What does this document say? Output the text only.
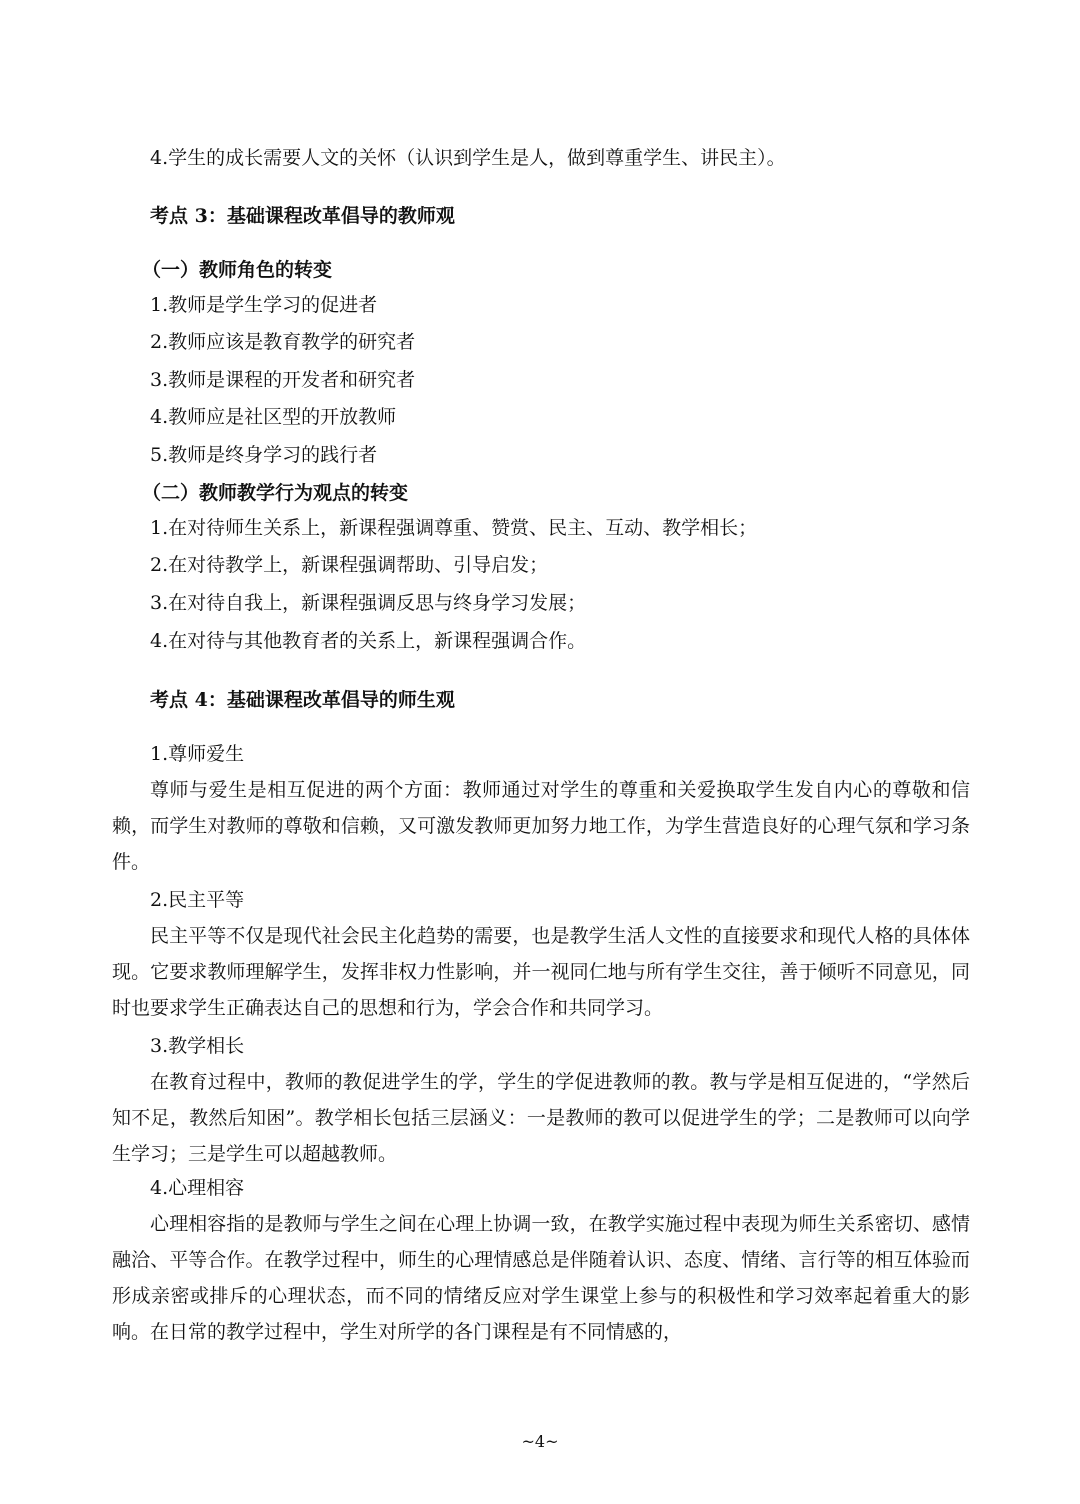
4.学生的成长需要人文的关怀（认识到学生是人，做到尊重学生、讲民主）。

考点 3：基础课程改革倡导的教师观

（一）教师角色的转变

1.教师是学生学习的促进者

2.教师应该是教育教学的研究者

3.教师是课程的开发者和研究者

4.教师应是社区型的开放教师

5.教师是终身学习的践行者

（二）教师教学行为观点的转变

1.在对待师生关系上，新课程强调尊重、赞赏、民主、互动、教学相长；

2.在对待教学上，新课程强调帮助、引导启发；

3.在对待自我上，新课程强调反思与终身学习发展；

4.在对待与其他教育者的关系上，新课程强调合作。

考点 4：基础课程改革倡导的师生观

1.尊师爱生

尊师与爱生是相互促进的两个方面：教师通过对学生的尊重和关爱换取学生发自内心的尊敬和信赖，而学生对教师的尊敬和信赖，又可激发教师更加努力地工作，为学生营造良好的心理气氛和学习条件。

2.民主平等

民主平等不仅是现代社会民主化趋势的需要，也是教学生活人文性的直接要求和现代人格的具体体现。它要求教师理解学生，发挥非权力性影响，并一视同仁地与所有学生交往，善于倾听不同意见，同时也要求学生正确表达自己的思想和行为，学会合作和共同学习。

3.教学相长

在教育过程中，教师的教促进学生的学，学生的学促进教师的教。教与学是相互促进的，“学然后知不足，教然后知困”。教学相长包括三层涵义：一是教师的教可以促进学生的学；二是教师可以向学生学习；三是学生可以超越教师。

4.心理相容

心理相容指的是教师与学生之间在心理上协调一致，在教学实施过程中表现为师生关系密切、感情融洽、平等合作。在教学过程中，师生的心理情感总是伴随着认识、态度、情绪、言行等的相互体验而形成亲密或排斥的心理状态，而不同的情绪反应对学生课堂上参与的积极性和学习效率起着重大的影响。在日常的教学过程中，学生对所学的各门课程是有不同情感的，

~4~
